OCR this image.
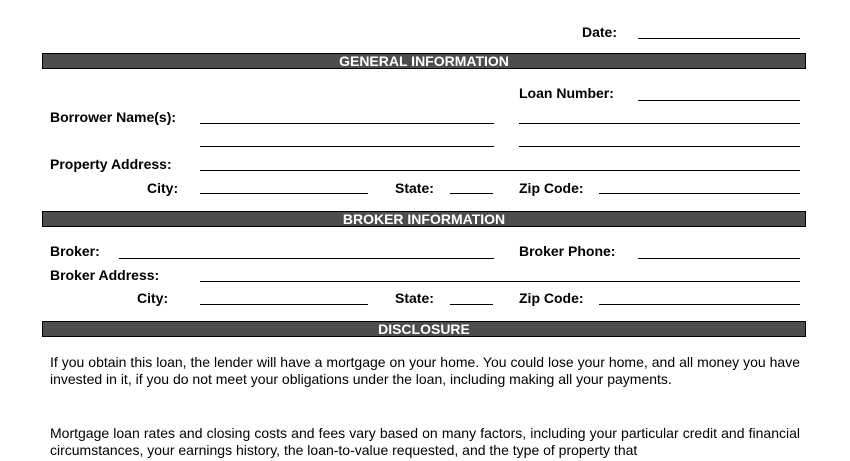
Date:
GENERAL INFORMATION
Loan Number:
Borrower Name(s):
Property Address:
City:	State:	Zip Code:
BROKER INFORMATION
Broker:	Broker Phone:
Broker Address:
City:	State:	Zip Code:
DISCLOSURE
If you obtain this loan, the lender will have a mortgage on your home. You could lose your home, and all money you have invested in it, if you do not meet your obligations under the loan, including making all your payments.
Mortgage loan rates and closing costs and fees vary based on many factors, including your particular credit and financial circumstances, your earnings history, the loan-to-value requested, and the type of property that
